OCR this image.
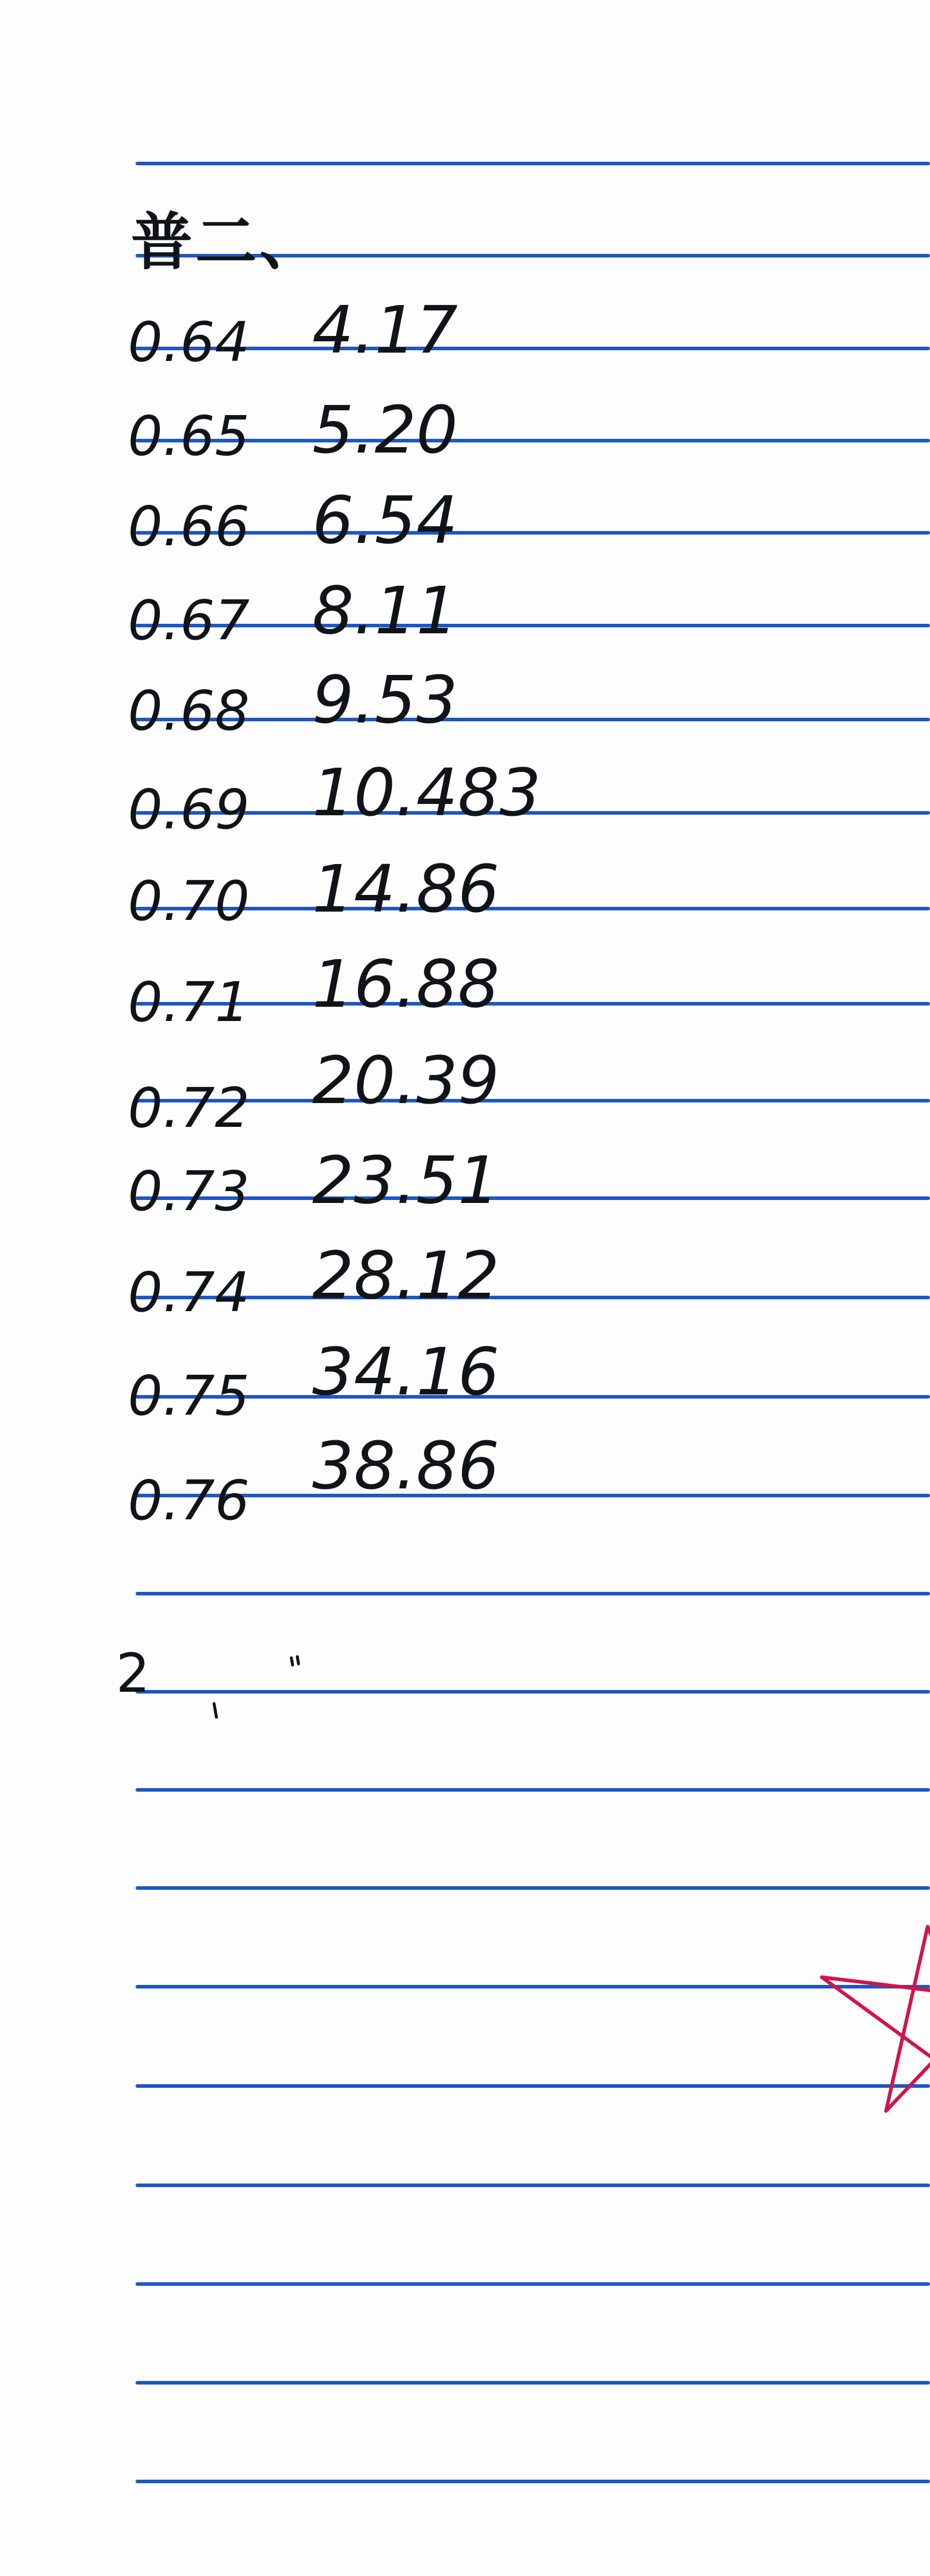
普二、
0.64
0.65
0.66
0.67
0.68
0.69
0.70
0.71
0.72
0.73
0.74
0.75
0.76
4.17
5.20
6.54
8.11
9.53
10.483
14.86
16.88
20.39
23.51
28.12
34.16
38.86
2
